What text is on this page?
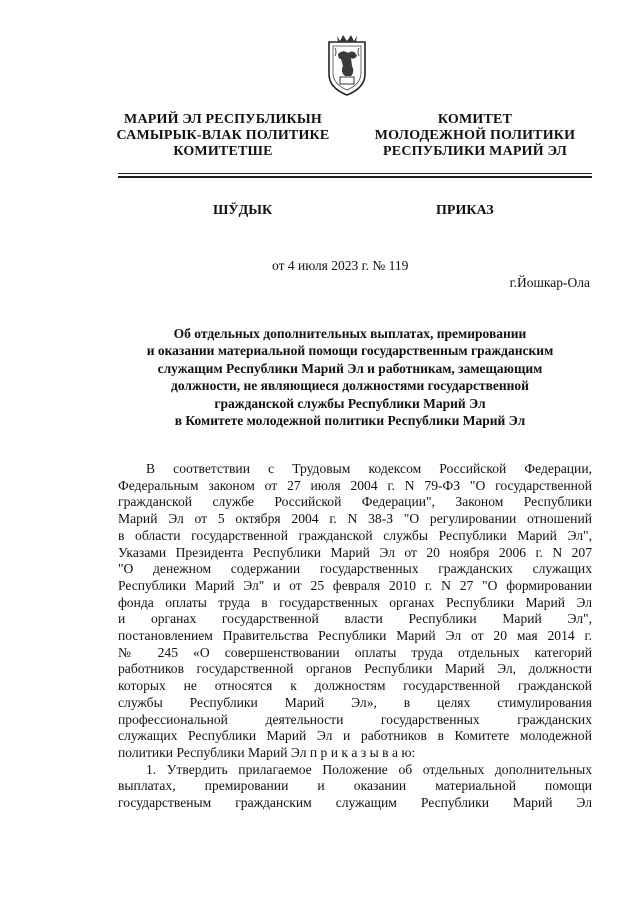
МАРИЙ ЭЛ РЕСПУБЛИКЫН
САМЫРЫК-ВЛАК ПОЛИТИКЕ
КОМИТЕТШЕ
КОМИТЕТ
МОЛОДЕЖНОЙ ПОЛИТИКИ
РЕСПУБЛИКИ МАРИЙ ЭЛ
ШӰДЫК	ПРИКАЗ
от 4 июля 2023 г. № 119
г.Йошкар-Ола
Об отдельных дополнительных выплатах, премировании
и оказании материальной помощи государственным гражданским
служащим Республики Марий Эл и работникам, замещающим
должности, не являющиеся должностями государственной
гражданской службы Республики Марий Эл
в Комитете молодежной политики Республики Марий Эл

В соответствии с Трудовым кодексом Российской Федерации,

Федеральным законом от 27 июля 2004 г. N 79-ФЗ "О государственной

гражданской службе Российской Федерации", Законом Республики

Марий Эл от 5 октября 2004 г. N 38-З "О регулировании отношений

в области государственной гражданской службы Республики Марий Эл",

Указами Президента Республики Марий Эл от 20 ноября 2006 г. N 207

"О денежном содержании государственных гражданских служащих

Республики Марий Эл" и от 25 февраля 2010 г. N 27 "О формировании

фонда оплаты труда в государственных органах Республики Марий Эл

и органах государственной власти Республики Марий Эл",

постановлением Правительства Республики Марий Эл от 20 мая 2014 г.

№ 245 «О совершенствовании оплаты труда отдельных категорий

работников государственной органов Республики Марий Эл, должности

которых не относятся к должностям государственной гражданской

службы Республики Марий Эл», в целях стимулирования

профессиональной деятельности государственных гражданских

служащих Республики Марий Эл и работников в Комитете молодежной

политики Республики Марий Эл п р и к а з ы в а ю:

1. Утвердить прилагаемое Положение об отдельных дополнительных

выплатах, премировании и оказании материальной помощи

государственым гражданским служащим Республики Марий Эл
